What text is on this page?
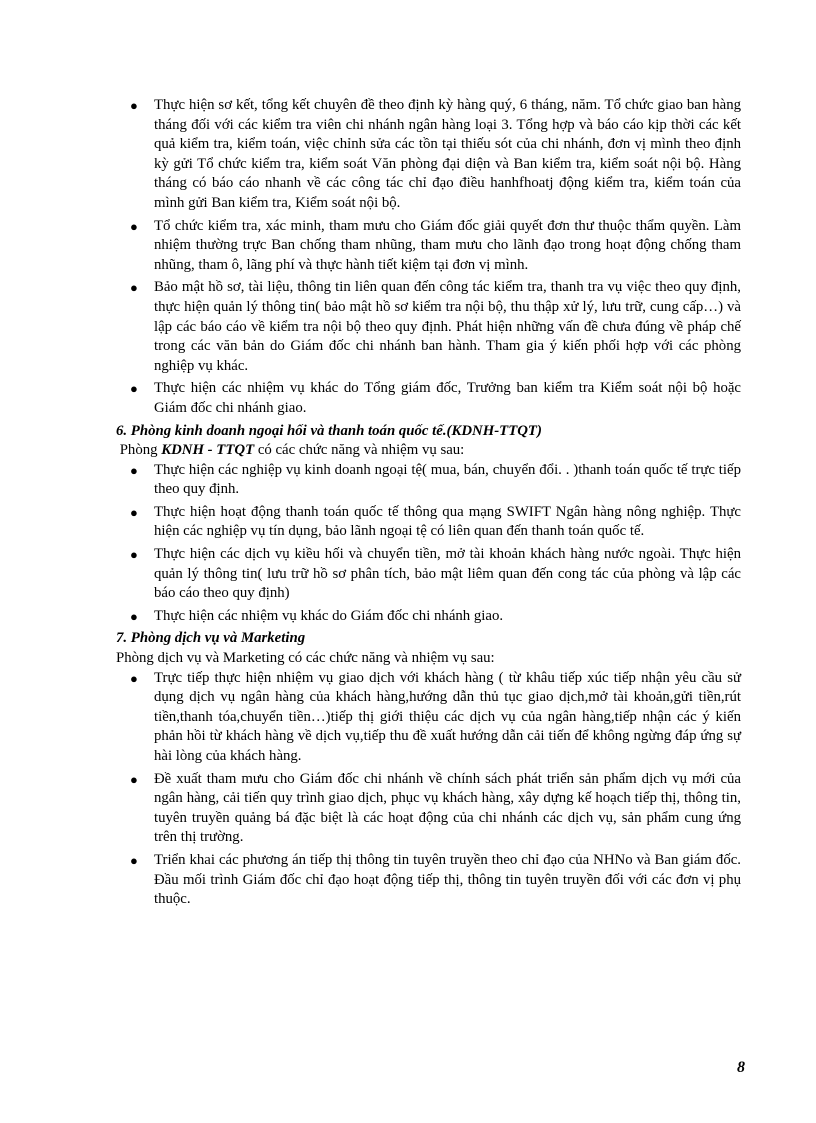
● Thực hiện sơ kết, tổng kết chuyên đề theo định kỳ hàng quý, 6 tháng, năm. Tổ chức giao ban hàng tháng đối với các kiểm tra viên chi nhánh ngân hàng loại 3. Tổng hợp và báo cáo kịp thời các kết quả kiểm tra, kiểm toán, việc chỉnh sửa các tồn tại thiếu sót của chi nhánh, đơn vị mình theo định kỳ gửi Tổ chức kiểm tra, kiểm soát Văn phòng đại diện và Ban kiểm tra, kiểm soát nội bộ. Hàng tháng có báo cáo nhanh về các công tác chỉ đạo điều hanhfhoatj động kiểm tra, kiểm toán của mình gửi Ban kiểm tra, Kiểm soát nội bộ.
● Tổ chức kiểm tra, xác minh, tham mưu cho Giám đốc giải quyết đơn thư thuộc thẩm quyền. Làm nhiệm thường trực Ban chống tham nhũng, tham mưu cho lãnh đạo trong hoạt động chống tham nhũng, tham ô, lãng phí và thực hành tiết kiệm tại đơn vị mình.
● Bảo mật hồ sơ, tài liệu, thông tin liên quan đến công tác kiểm tra, thanh tra vụ việc theo quy định, thực hiện quản lý thông tin( bảo mật hồ sơ kiểm tra nội bộ, thu thập xử lý, lưu trữ, cung cấp…) và lập các báo cáo về kiểm tra nội bộ theo quy định. Phát hiện những vấn đề chưa đúng về pháp chế trong các văn bản do Giám đốc chi nhánh ban hành. Tham gia ý kiến phối hợp với các phòng nghiệp vụ khác.
● Thực hiện các nhiệm vụ khác do Tổng giám đốc, Trưởng ban kiểm tra Kiểm soát nội bộ hoặc Giám đốc chi nhánh giao.

6. Phòng kinh doanh ngoại hối và thanh toán quốc tế.(KDNH-TTQT)

Phòng KDNH - TTQT có các chức năng và nhiệm vụ sau:

● Thực hiện các nghiệp vụ kinh doanh ngoại tệ( mua, bán, chuyển đổi. . )thanh toán quốc tế trực tiếp theo quy định.
● Thực hiện hoạt động thanh toán quốc tế thông qua mạng SWIFT Ngân hàng nông nghiệp. Thực hiện các nghiệp vụ tín dụng, bảo lãnh ngoại tệ có liên quan đến thanh toán quốc tế.
● Thực hiện các dịch vụ kiều hối và chuyển tiền, mở tài khoản khách hàng nước ngoài. Thực hiện quản lý thông tin( lưu trữ hồ sơ phân tích, bảo mật liêm quan đến cong tác của phòng và lập các báo cáo theo quy định)
● Thực hiện các nhiệm vụ khác do Giám đốc chi nhánh giao.

7. Phòng dịch vụ và Marketing

Phòng dịch vụ và Marketing có các chức năng và nhiệm vụ sau:

● Trực tiếp thực hiện nhiệm vụ giao dịch với khách hàng ( từ khâu tiếp xúc tiếp nhận yêu cầu sử dụng dịch vụ ngân hàng của khách hàng,hướng dẫn thủ tục giao dịch,mở tài khoản,gửi tiền,rút tiền,thanh tóa,chuyển tiền…)tiếp thị giới thiệu các dịch vụ của ngân hàng,tiếp nhận các ý kiến phản hồi từ khách hàng về dịch vụ,tiếp thu đề xuất hướng dẫn cải tiến để không ngừng đáp ứng sự hài lòng của khách hàng.
● Đề xuất tham mưu cho Giám đốc chi nhánh về chính sách phát triển sản phẩm dịch vụ mới của ngân hàng, cải tiến quy trình giao dịch, phục vụ khách hàng, xây dựng kế hoạch tiếp thị, thông tin, tuyên truyền quảng bá đặc biệt là các hoạt động của chi nhánh các dịch vụ, sản phẩm cung ứng trên thị trường.
● Triển khai các phương án tiếp thị thông tin tuyên truyền theo chỉ đạo của NHNo và Ban giám đốc. Đầu mối trình Giám đốc chỉ đạo hoạt động tiếp thị, thông tin tuyên truyền đối với các đơn vị phụ thuộc.
8
